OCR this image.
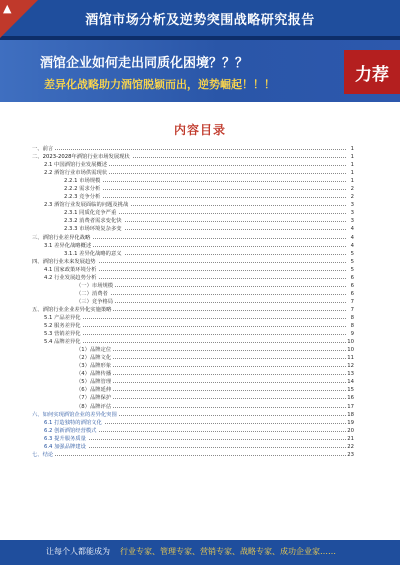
▲
酒馆市场分析及逆势突围战略研究报告
酒馆企业如何走出同质化困境？？？
差异化战略助力酒馆脱颖而出，逆势崛起！！！	力荐
内容目录
一、前言	1
二、2023-2028年酒馆行业市场发展现状	1
2.1 中国酒馆行业发展概述	1
2.2 酒馆行业市场供需现状	1
2.2.1 市场规模	1
2.2.2 需求分析	2
2.2.3 竞争分析	2
2.3 酒馆行业发展面临的问题及挑战	3
2.3.1 同质化竞争严重	3
2.3.2 消费者需求变化快	3
2.3.3 市场环境复杂多变	4
三、酒馆行业差异化战略	4
3.1 差异化战略概述	4
3.1.1 差异化战略的意义	5
四、酒馆行业未来发展趋势	5
4.1 国家政策环境分析	5
4.2 行业发展趋势分析	6
（一）市场规模	6
（二）消费者	6
（三）竞争格局	7
五、酒馆行业企业差异化实施策略	7
5.1 产品差异化	8
5.2 服务差异化	8
5.3 营销差异化	9
5.4 品牌差异化	10
（1）品牌定位	10
（2）品牌文化	11
（3）品牌形象	12
（4）品牌传播	13
（5）品牌管理	14
（6）品牌延伸	15
（7）品牌保护	16
（8）品牌评估	17
六、如何实现酒馆企业的差异化突围	18
6.1 打造独特的酒馆文化	19
6.2 创新酒馆经营模式	20
6.3 提升服务质量	21
6.4 加强品牌建设	22
七、结论	23
让每个人都能成为 行业专家、管理专家、营销专家、战略专家、成功企业家……
